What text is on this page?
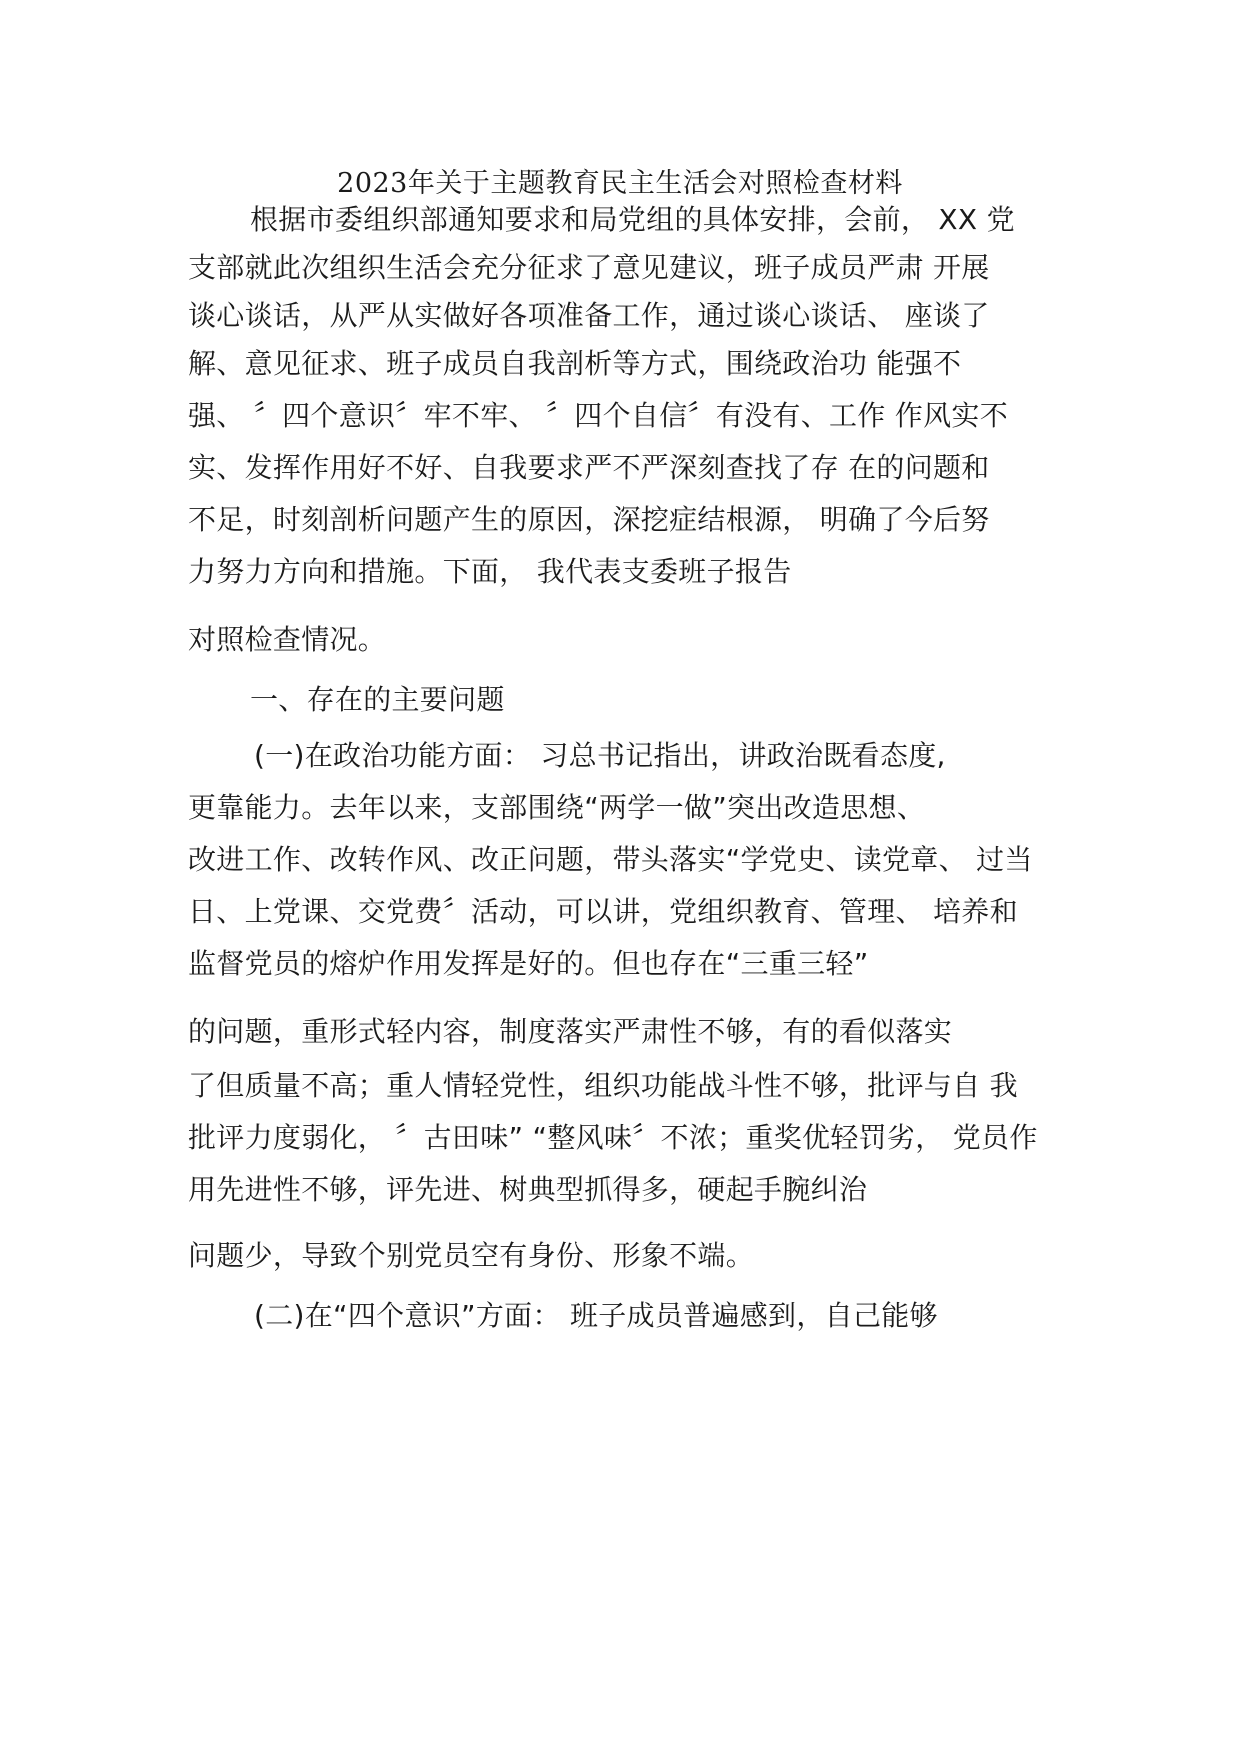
2023年关于主题教育民主生活会对照检查材料
根据市委组织部通知要求和局党组的具体安排，会前， XX 党
支部就此次组织生活会充分征求了意见建议，班子成员严肃 开展
谈心谈话，从严从实做好各项准备工作，通过谈心谈话、 座谈了
解、意见征求、班子成员自我剖析等方式，围绕政治功 能强不
强、 〞四个意识〞牢不牢、 〞四个自信〞有没有、工作 作风实不
实、发挥作用好不好、自我要求严不严深刻查找了存 在的问题和
不足，时刻剖析问题产生的原因，深挖症结根源， 明确了今后努
力努力方向和措施。下面， 我代表支委班子报告
对照检查情况。
一、存在的主要问题
(一)在政治功能方面： 习总书记指出，讲政治既看态度,
更靠能力。去年以来，支部围绕“两学一做”突出改造思想、
改进工作、改转作风、改正问题，带头落实“学党史、读党章、 过当
日、上党课、交党费〞活动，可以讲，党组织教育、管理、 培养和
监督党员的熔炉作用发挥是好的。但也存在“三重三轻”
的问题，重形式轻内容，制度落实严肃性不够，有的看似落实
了但质量不高；重人情轻党性，组织功能战斗性不够，批评与自 我
批评力度弱化， 〞古田味” “整风味〞不浓；重奖优轻罚劣， 党员作
用先进性不够，评先进、树典型抓得多，硬起手腕纠治
问题少，导致个别党员空有身份、形象不端。
(二)在“四个意识”方面： 班子成员普遍感到，自己能够
